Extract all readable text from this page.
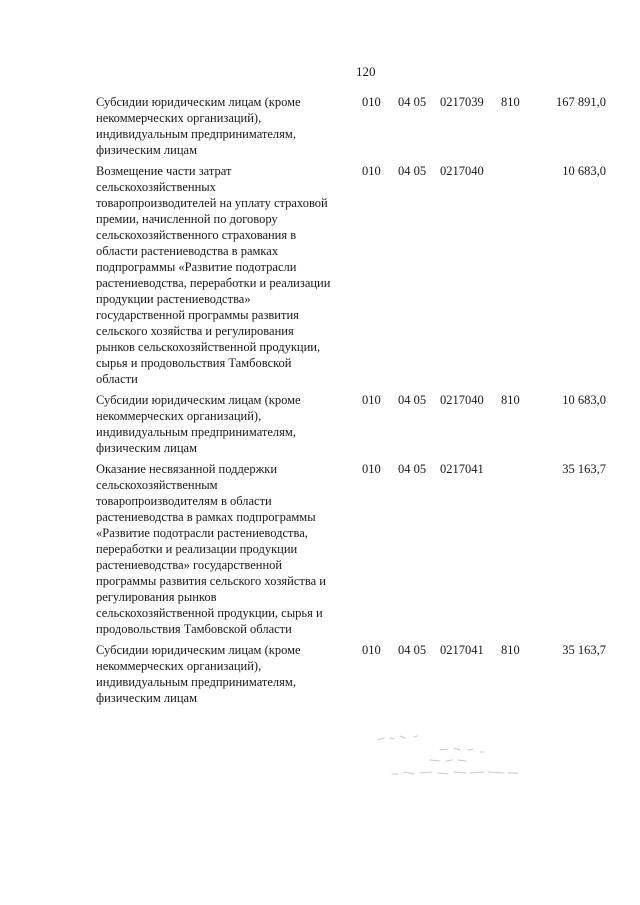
120
Субсидии юридическим лицам (кроме
некоммерческих организаций),
индивидуальным предпринимателям,
физическим лицам
010 04 05 0217039 810	167 891,0
Возмещение части затрат
сельскохозяйственных
товаропроизводителей на уплату страховой
премии, начисленной по договору
сельскохозяйственного страхования в
области растениеводства в рамках
подпрограммы «Развитие подотрасли
растениеводства, переработки и реализации
продукции растениеводства»
государственной программы развития
сельского хозяйства и регулирования
рынков сельскохозяйственной продукции,
сырья и продовольствия Тамбовской
области
010 04 05 0217040	10 683,0
Субсидии юридическим лицам (кроме
некоммерческих организаций),
индивидуальным предпринимателям,
физическим лицам
010 04 05 0217040 810	10 683,0
Оказание несвязанной поддержки
сельскохозяйственным
товаропроизводителям в области
растениеводства в рамках подпрограммы
«Развитие подотрасли растениеводства,
переработки и реализации продукции
растениеводства» государственной
программы развития сельского хозяйства и
регулирования рынков
сельскохозяйственной продукции, сырья и
продовольствия Тамбовской области
010 04 05 0217041	35 163,7
Субсидии юридическим лицам (кроме
некоммерческих организаций),
индивидуальным предпринимателям,
физическим лицам
010 04 05 0217041 810	35 163,7
